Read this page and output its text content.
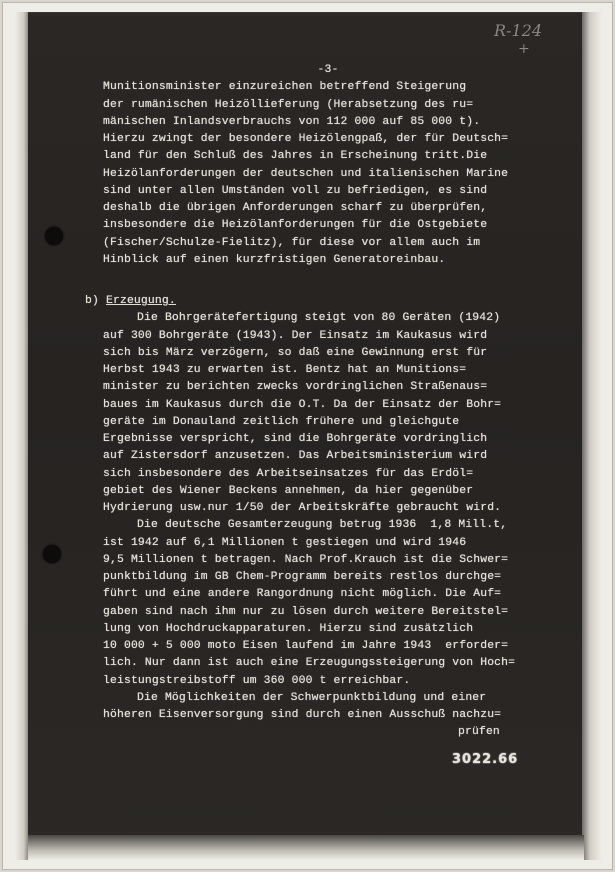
R-124
+
-3-
Munitionsminister einzureichen betreffend Steigerung
der rumänischen Heizöllieferung (Herabsetzung des ru=
mänischen Inlandsverbrauchs von 112 000 auf 85 000 t).
Hierzu zwingt der besondere Heizölengpaß, der für Deutsch=
land für den Schluß des Jahres in Erscheinung tritt.Die
Heizölanforderungen der deutschen und italienischen Marine
sind unter allen Umständen voll zu befriedigen, es sind
deshalb die übrigen Anforderungen scharf zu überprüfen,
insbesondere die Heizölanforderungen für die Ostgebiete
(Fischer/Schulze-Fielitz), für diese vor allem auch im
Hinblick auf einen kurzfristigen Generatoreinbau.
b) Erzeugung.
Die Bohrgerätefertigung steigt von 80 Geräten (1942)
auf 300 Bohrgeräte (1943). Der Einsatz im Kaukasus wird
sich bis März verzögern, so daß eine Gewinnung erst für
Herbst 1943 zu erwarten ist. Bentz hat an Munitions=
minister zu berichten zwecks vordringlichen Straßenaus=
baues im Kaukasus durch die O.T. Da der Einsatz der Bohr=
geräte im Donauland zeitlich frühere und gleichgute
Ergebnisse verspricht, sind die Bohrgeräte vordringlich
auf Zistersdorf anzusetzen. Das Arbeitsministerium wird
sich insbesondere des Arbeitseinsatzes für das Erdöl=
gebiet des Wiener Beckens annehmen, da hier gegenüber
Hydrierung usw.nur 1/50 der Arbeitskräfte gebraucht wird.
Die deutsche Gesamterzeugung betrug 1936  1,8 Mill.t,
ist 1942 auf 6,1 Millionen t gestiegen und wird 1946
9,5 Millionen t betragen. Nach Prof.Krauch ist die Schwer=
punktbildung im GB Chem-Programm bereits restlos durchge=
führt und eine andere Rangordnung nicht möglich. Die Auf=
gaben sind nach ihm nur zu lösen durch weitere Bereitstel=
lung von Hochdruckapparaturen. Hierzu sind zusätzlich
10 000 + 5 000 moto Eisen laufend im Jahre 1943  erforder=
lich. Nur dann ist auch eine Erzeugungssteigerung von Hoch=
leistungstreibstoff um 360 000 t erreichbar.
Die Möglichkeiten der Schwerpunktbildung und einer
höheren Eisenversorgung sind durch einen Ausschuß nachzu=
prüfen
3022.66
